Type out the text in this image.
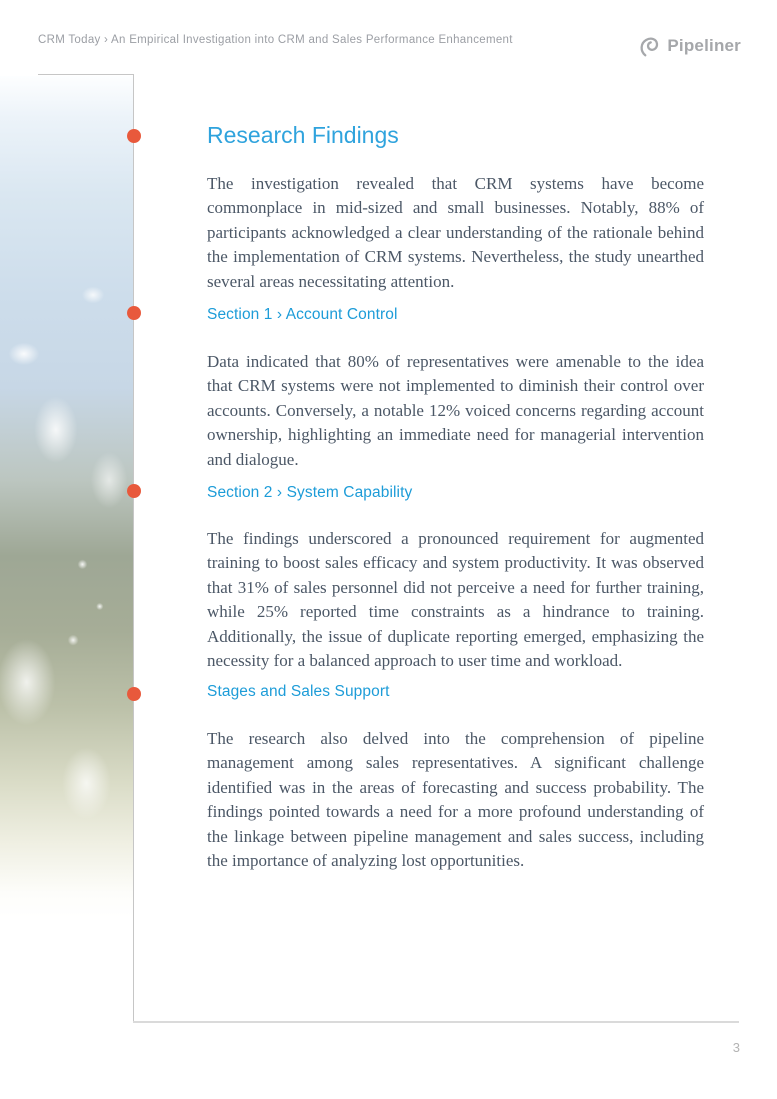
CRM Today › An Empirical Investigation into CRM and Sales Performance Enhancement	Pipeliner
Research Findings

The investigation revealed that CRM systems have become commonplace in mid-sized and small businesses. Notably, 88% of participants acknowledged a clear understanding of the rationale behind the implementation of CRM systems. Nevertheless, the study unearthed several areas necessitating attention.

Section 1 › Account Control

Data indicated that 80% of representatives were amenable to the idea that CRM systems were not implemented to diminish their control over accounts. Conversely, a notable 12% voiced concerns regarding account ownership, highlighting an immediate need for managerial intervention and dialogue.

Section 2 › System Capability

The findings underscored a pronounced requirement for augmented training to boost sales efficacy and system productivity. It was observed that 31% of sales personnel did not perceive a need for further training, while 25% reported time constraints as a hindrance to training. Additionally, the issue of duplicate reporting emerged, emphasizing the necessity for a balanced approach to user time and workload.

Stages and Sales Support

The research also delved into the comprehension of pipeline management among sales representatives. A significant challenge identified was in the areas of forecasting and success probability. The findings pointed towards a need for a more profound understanding of the linkage between pipeline management and sales success, including the importance of analyzing lost opportunities.

3
